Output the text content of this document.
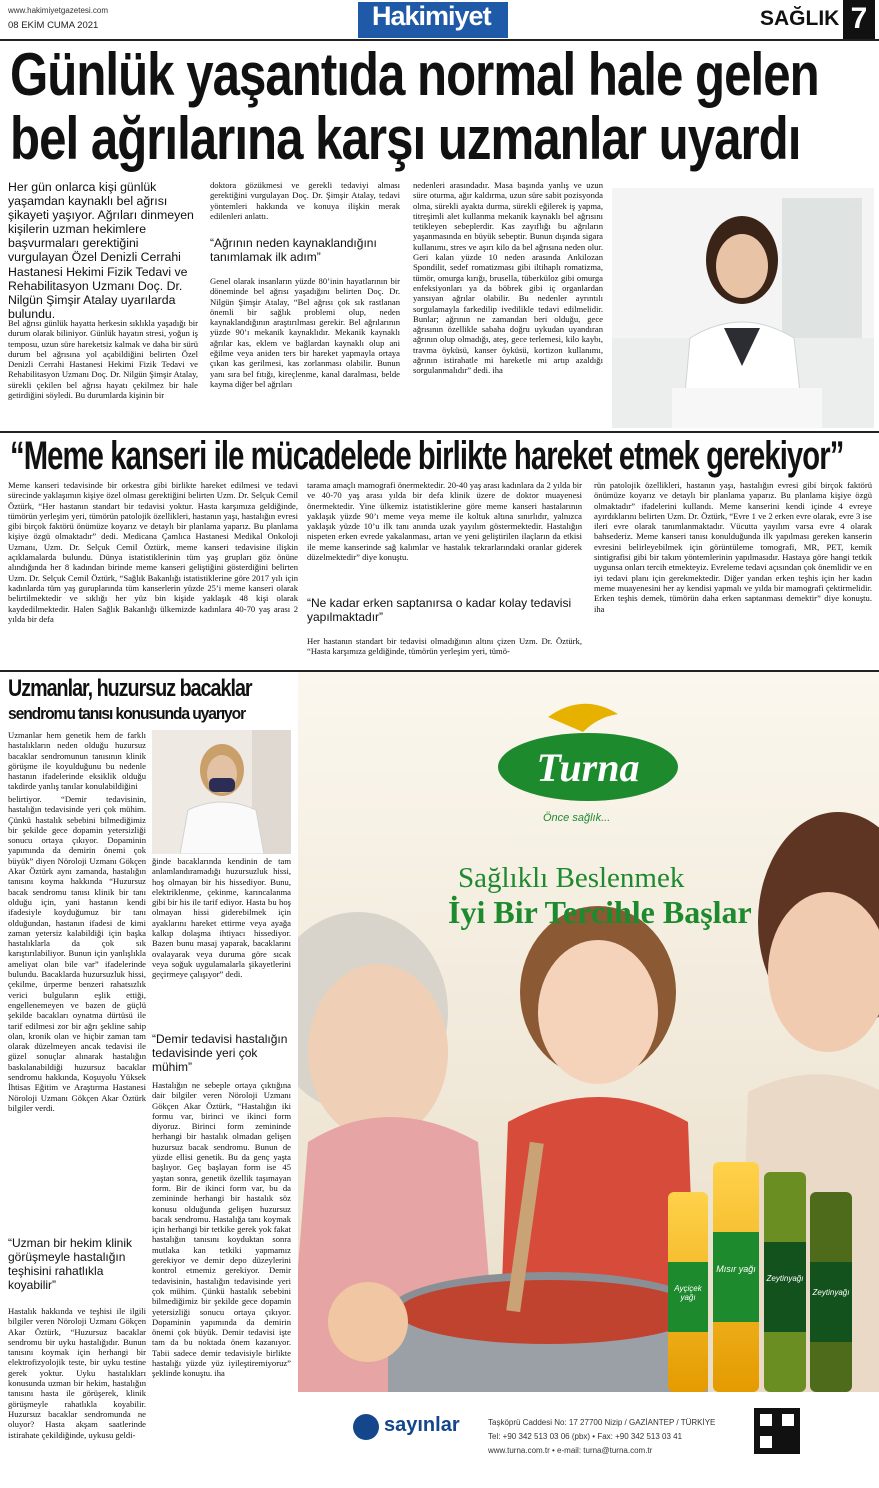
www.hakimiyetgazetesi.com
08 EKİM CUMA 2021	Hakimiyet	SAĞLIK 7
Günlük yaşantıda normal hale gelen
bel ağrılarına karşı uzmanlar uyardı
Her gün onlarca kişi günlük yaşamdan kaynaklı bel ağrısı şikayeti yaşıyor. Ağrıları dinmeyen kişilerin uzman hekimlere başvurmaları gerektiğini vurgulayan Özel Denizli Cerrahi Hastanesi Hekimi Fizik Tedavi ve Rehabilitasyon Uzmanı Doç. Dr. Nilgün Şimşir Atalay uyarılarda bulundu.
Bel ağrısı günlük hayatta herkesin sıklıkla yaşadığı bir durum olarak biliniyor. Günlük hayatın stresi, yoğun iş temposu, uzun süre hareketsiz kalmak ve daha bir sürü durum bel ağrısına yol açabildiğini belirten Özel Denizli Cerrahi Hastanesi Hekimi Fizik Tedavi ve Rehabilitasyon Uzmanı Doç. Dr. Nilgün Şimşir Atalay, sürekli çekilen bel ağrısı hayatı çekilmez bir hale getirdiğini söyledi. Bu durumlarda kişinin bir
doktora gözükmesi ve gerekli tedaviyi alması gerektiğini vurgulayan Doç. Dr. Şimşir Atalay, tedavi yöntemleri hakkında ve konuya ilişkin merak edilenleri anlattı.
“Ağrının neden kaynaklandığını tanımlamak ilk adım”
Genel olarak insanların yüzde 80’inin hayatlarının bir döneminde bel ağrısı yaşadığını belirten Doç. Dr. Nilgün Şimşir Atalay, “Bel ağrısı çok sık rastlanan önemli bir sağlık problemi olup, neden kaynaklandığının araştırılması gerekir. Bel ağrılarının yüzde 90’ı mekanik kaynaklıdır. Mekanik kaynaklı ağrılar kas, eklem ve bağlardan kaynaklı olup ani eğilme veya aniden ters bir hareket yapmayla ortaya çıkan kas gerilmesi, kas zorlanması olabilir. Bunun yanı sıra bel fıtığı, kireçlenme, kanal daralması, belde kayma diğer bel ağrıları
nedenleri arasındadır. Masa başında yanlış ve uzun süre oturma, ağır kaldırma, uzun süre sabit pozisyonda olma, sürekli ayakta durma, sürekli eğilerek iş yapma, titreşimli alet kullanma mekanik kaynaklı bel ağrısını tetikleyen sebeplerdir. Kas zayıflığı bu ağrıların yaşanmasında en büyük sebeptir. Bunun dışında sigara kullanımı, stres ve aşırı kilo da bel ağrısına neden olur. Geri kalan yüzde 10 neden arasında Ankilozan Spondilit, sedef romatizması gibi iltihaplı romatizma, tümör, omurga kırığı, brusella, tüberküloz gibi omurga enfeksiyonları ya da böbrek gibi iç organlardan yansıyan ağrılar olabilir. Bu nedenler ayrıntılı sorgulamayla farkedilip ivedilikle tedavi edilmelidir. Bunlar; ağrının ne zamandan beri olduğu, gece ağrısının özellikle sabaha doğru uykudan uyandıran ağrının olup olmadığı, ateş, gece terlemesi, kilo kaybı, travma öyküsü, kanser öyküsü, kortizon kullanımı, ağrının istirahatle mi hareketle mi artıp azaldığı sorgulanmalıdır” dedi. iha
“Meme kanseri ile mücadelede birlikte hareket etmek gerekiyor”
Meme kanseri tedavisinde bir orkestra gibi birlikte hareket edilmesi ve tedavi sürecinde yaklaşımın kişiye özel olması gerektiğini belirten Uzm. Dr. Selçuk Cemil Öztürk, “Her hastanın standart bir tedavisi yoktur. Hasta karşımıza geldiğinde, tümörün yerleşim yeri, tümörün patolojik özellikleri, hastanın yaşı, hastalığın evresi gibi birçok faktörü önümüze koyarız ve detaylı bir planlama yaparız. Bu planlama kişiye özgü olmaktadır” dedi. Medicana Çamlıca Hastanesi Medikal Onkoloji Uzmanı, Uzm. Dr. Selçuk Cemil Öztürk, meme kanseri tedavisine ilişkin açıklamalarda bulundu. Dünya istatistiklerinin tüm yaş grupları göz önüne alındığında her 8 kadından birinde meme kanseri geliştiğini gösterdiğini belirten Uzm. Dr. Selçuk Cemil Öztürk, “Sağlık Bakanlığı istatistiklerine göre 2017 yılı için kadınlarda tüm yaş guruplarında tüm kanserlerin yüzde 25’i meme kanseri olarak belirtilmektedir ve sıklığı her yüz bin kişide yaklaşık 48 kişi olarak kaydedilmektedir. Halen Sağlık Bakanlığı ülkemizde kadınlara 40-70 yaş arası 2 yılda bir defa
tarama amaçlı mamografi önermektedir. 20-40 yaş arası kadınlara da 2 yılda bir ve 40-70 yaş arası yılda bir defa klinik üzere de doktor muayenesi önermektedir. Yine ülkemiz istatistiklerine göre meme kanseri hastalarının yaklaşık yüzde 90’ı meme veya meme ile koltuk altına sınırlıdır, yalnızca yaklaşık yüzde 10’u ilk tanı anında uzak yayılım göstermektedir. Hastalığın nispeten erken evrede yakalanması, artan ve yeni geliştirilen ilaçların da etkisi ile meme kanserinde sağ kalımlar ve hastalık tekrarlarındaki oranlar giderek düzelmektedir” diye konuştu.
“Ne kadar erken saptanırsa o kadar kolay tedavisi yapılmaktadır”
Her hastanın standart bir tedavisi olmadığının altını çizen Uzm. Dr. Öztürk, “Hasta karşımıza geldiğinde, tümörün yerleşim yeri, tümö-
rün patolojik özellikleri, hastanın yaşı, hastalığın evresi gibi birçok faktörü önümüze koyarız ve detaylı bir planlama yaparız. Bu planlama kişiye özgü olmaktadır” ifadelerini kullandı. Meme kanserini kendi içinde 4 evreye ayırdıklarını belirten Uzm. Dr. Öztürk, “Evre 1 ve 2 erken evre olarak, evre 3 ise ileri evre olarak tanımlanmaktadır. Vücutta yayılım varsa evre 4 olarak bahsederiz. Meme kanseri tanısı konulduğunda ilk yapılması gereken kanserin evresini belirleyebilmek için görüntüleme tomografi, MR, PET, kemik sintigrafisi gibi bir takım yöntemlerinin yapılmasıdır. Hastaya göre hangi tetkik uygunsa onları tercih etmekteyiz. Evreleme tedavi açısından çok önemlidir ve en iyi tedavi planı için gerekmektedir. Diğer yandan erken teşhis için her kadın meme muayenesini her ay kendisi yapmalı ve yılda bir mamografi çektirmelidir. Erken teşhis demek, tümörün daha erken saptanması demektir” diye konuştu. iha
Uzmanlar, huzursuz bacaklar
sendromu tanısı konusunda uyarıyor
Uzmanlar hem genetik hem de farklı hastalıkların neden olduğu huzursuz bacaklar sendromunun tanısının klinik görüşme ile koyulduğunu bu nedenle hastanın ifadelerinde eksiklik olduğu takdirde yanlış tanılar konulabildiğini
belirtiyor. “Demir tedavisinin, hastalığın tedavisinde yeri çok mühim. Çünkü hastalık sebebini bilmediğimiz bir şekilde gece dopamin yetersizliği sonucu ortaya çıkıyor. Dopaminin yapımında da demirin önemi çok büyük” diyen Nöroloji Uzmanı Gökçen Akar Öztürk aynı zamanda, hastalığın tanısını koyma hakkında “Huzursuz bacak sendromu tanısı klinik bir tanı olduğu için, yani hastanın kendi ifadesiyle koyduğumuz bir tanı olduğundan, hastanın ifadesi de kimi zaman yetersiz kalabildiği için başka hastalıklarla da çok sık karıştırılabiliyor. Bunun için yanlışlıkla ameliyat olan bile var” ifadelerinde bulundu. Bacaklarda huzursuzluk hissi, çekilme, ürperme benzeri rahatsızlık verici bulguların eşlik ettiği, engellenemeyen ve bazen de güçlü şekilde bacakları oynatma dürtüsü ile tarif edilmesi zor bir ağrı şekline sahip olan, kronik olan ve hiçbir zaman tam olarak düzelmeyen ancak tedavisi ile güzel sonuçlar alınarak hastalığın baskılanabildiği huzursuz bacaklar sendromu hakkında, Koşuyolu Yüksek İhtisas Eğitim ve Araştırma Hastanesi Nöroloji Uzmanı Gökçen Akar Öztürk bilgiler verdi.
“Uzman bir hekim klinik görüşmeyle hastalığın teşhisini rahatlıkla koyabilir”
Hastalık hakkında ve teşhisi ile ilgili bilgiler veren Nöroloji Uzmanı Gökçen Akar Öztürk, “Huzursuz bacaklar sendromu bir uyku hastalığıdır. Bunun tanısını koymak için herhangi bir elektrofizyolojik teste, bir uyku testine gerek yoktur. Uyku hastalıkları konusunda uzman bir hekim, hastalığın tanısını hasta ile görüşerek, klinik görüşmeyle rahatlıkla koyabilir. Huzursuz bacaklar sendromunda ne oluyor? Hasta akşam saatlerinde istirahate çekildiğinde, uykusu geldi-
ğinde bacaklarında kendinin de tam anlamlandıramadığı huzursuzluk hissi, hoş olmayan bir his hissediyor. Bunu, elektriklenme, çekinme, karıncalanma gibi bir his ile tarif ediyor. Hasta bu hoş olmayan hissi giderebilmek için ayaklarını hareket ettirme veya ayağa kalkıp dolaşma ihtiyacı hissediyor. Bazen bunu masaj yaparak, bacaklarını ovalayarak veya duruma göre sıcak veya soğuk uygulamalarla şikayetlerini geçirmeye çalışıyor” dedi.
“Demir tedavisi hastalığın tedavisinde yeri çok mühim”
Hastalığın ne sebeple ortaya çıktığına dair bilgiler veren Nöroloji Uzmanı Gökçen Akar Öztürk, “Hastalığın iki formu var, birinci ve ikinci form diyoruz. Birinci form zemininde herhangi bir hastalık olmadan gelişen huzursuz bacak sendromu. Bunun de yüzde ellisi genetik. Bu da genç yaşta başlıyor. Geç başlayan form ise 45 yaştan sonra, genetik özellik taşımayan form. Bir de ikinci form var, bu da zemininde herhangi bir hastalık söz konusu olduğunda gelişen huzursuz bacak sendromu. Hastalığa tanı koymak için herhangi bir tetkike gerek yok fakat hastalığın tanısını koyduktan sonra mutlaka kan tetkiki yapmamız gerekiyor ve demir depo düzeylerini kontrol etmemiz gerekiyor. Demir tedavisinin, hastalığın tedavisinde yeri çok mühim. Çünkü hastalık sebebini bilmediğimiz bir şekilde gece dopamin yetersizliği sonucu ortaya çıkıyor. Dopaminin yapımında da demirin önemi çok büyük. Demir tedavisi işte tam da bu noktada önem kazanıyor. Tabii sadece demir tedavisiyle birlikte hastalığı yüzde yüz iyileştiremiyoruz” şeklinde konuştu. iha
Turna
Önce sağlık...
Sağlıklı Beslenmek
İyi Bir Tercihle Başlar
Ayçiçek yağı
Mısır yağı
Zeytinyağı
Zeytinyağı
sayınlar	Taşköprü Caddesi No: 17 27700 Nizip / GAZİANTEP / TÜRKİYE
Tel: +90 342 513 03 06 (pbx) • Fax: +90 342 513 03 41
www.turna.com.tr • e-mail: turna@turna.com.tr
